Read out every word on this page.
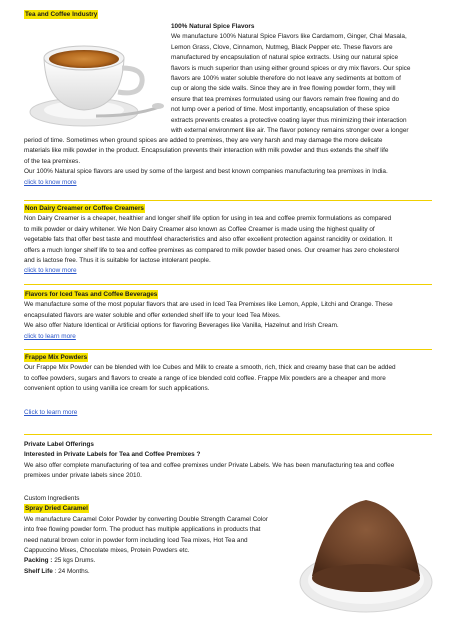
Tea and Coffee Industry

100% Natural Spice Flavors

We manufacture 100% Natural Spice Flavors like Cardamom, Ginger, Chai Masala,

Lemon Grass, Clove, Cinnamon, Nutmeg, Black Pepper etc. These flavors are

manufactured by encapsulation of natural spice extracts. Using our natural spice

flavors is much superior than using either ground spices or dry mix flavors. Our spice

flavors are 100% water soluble therefore do not leave any sediments at bottom of

cup or along the side walls. Since they are in free flowing powder form, they will

ensure that tea premixes formulated using our flavors remain free flowing and do

not lump over a period of time. Most importantly, encapsulation of these spice

extracts prevents creates a protective coating layer thus minimizing their interaction

with external environment like air. The flavor potency remains stronger over a longer

period of time. Sometimes when ground spices are added to premixes, they are very harsh and may damage the more delicate

materials like milk powder in the product. Encapsulation prevents their interaction with milk powder and thus extends the shelf life

of the tea premixes.

Our 100% Natural spice flavors are used by some of the largest and best known companies manufacturing tea premixes in India.

click to know more

Non Dairy Creamer or Coffee Creamers

Non Dairy Creamer is a cheaper, healthier and longer shelf life option for using in tea and coffee premix formulations as compared

to milk powder or dairy whitener. We Non Dairy Creamer also known as Coffee Creamer is made using the highest quality of

vegetable fats that offer best taste and mouthfeel characteristics and also offer excellent protection against rancidity or oxidation. It

offers a much longer shelf life to tea and coffee premixes as compared to milk powder based ones. Our creamer has zero cholesterol

and is lactose free. Thus it is suitable for lactose intolerant people.

click to know more

Flavors for Iced Teas and Coffee Beverages

We manufacture some of the most popular flavors that are used in Iced Tea Premixes like Lemon, Apple, Litchi and Orange. These

encapsulated flavors are water soluble and offer extended shelf life to your Iced Tea Mixes.

We also offer Nature Identical or Artificial options for flavoring Beverages like Vanilla, Hazelnut and Irish Cream.

click to learn more

Frappe Mix Powders

Our Frappe Mix Powder can be blended with Ice Cubes and Milk to create a smooth, rich, thick and creamy base that can be added

to coffee powders, sugars and flavors to create a range of ice blended cold coffee. Frappe Mix powders are a cheaper and more

convenient option to using vanilla ice cream for such applications.

Click to learn more

Private Label Offerings

Interested in Private Labels for Tea and Coffee Premixes ?

We also offer complete manufacturing of tea and coffee premixes under Private Labels. We has been manufacturing tea and coffee

premixes under private labels since 2010.

Custom Ingredients

Spray Dried Caramel

We manufacture Caramel Color Powder by converting Double Strength Caramel Color

into free flowing powder form. The product has multiple applications in products that

need natural brown color in powder form including Iced Tea mixes, Hot Tea and

Cappuccino Mixes, Chocolate mixes, Protein Powders etc.

Packing : 25 kgs Drums.

Shelf Life : 24 Months.
